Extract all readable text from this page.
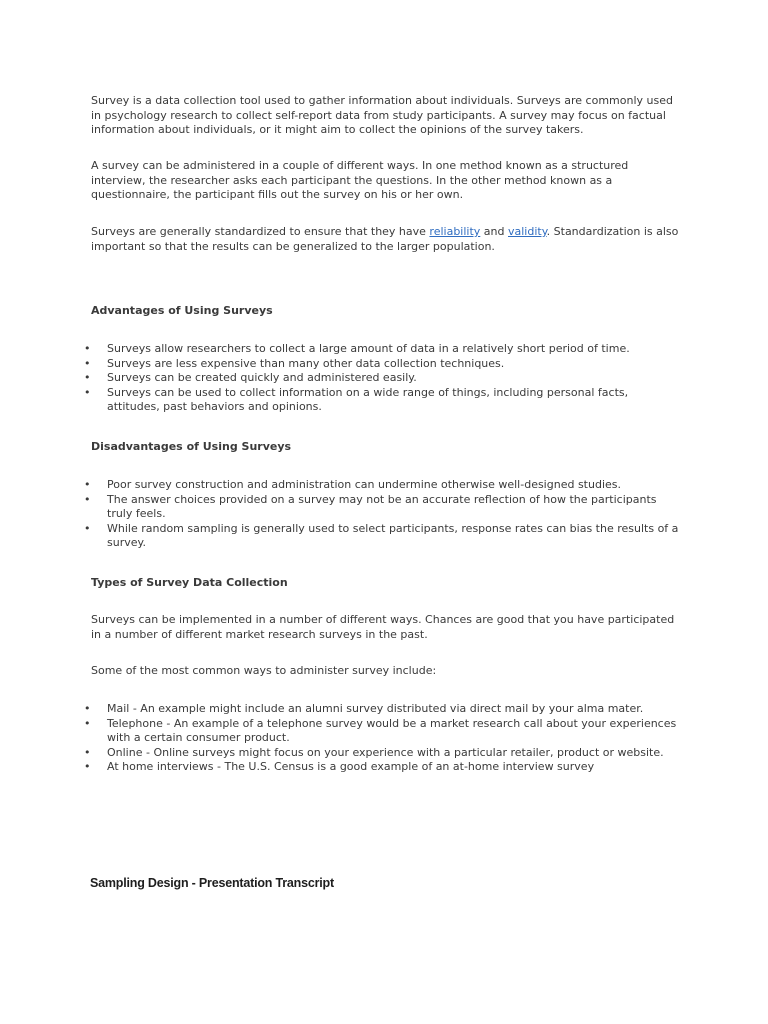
Survey is a data collection tool used to gather information about individuals. Surveys are commonly used in psychology research to collect self-report data from study participants. A survey may focus on factual information about individuals, or it might aim to collect the opinions of the survey takers.

A survey can be administered in a couple of different ways. In one method known as a structured interview, the researcher asks each participant the questions. In the other method known as a questionnaire, the participant fills out the survey on his or her own.

Surveys are generally standardized to ensure that they have reliability and validity. Standardization is also important so that the results can be generalized to the larger population.

Advantages of Using Surveys
• Surveys allow researchers to collect a large amount of data in a relatively short period of time.
• Surveys are less expensive than many other data collection techniques.
• Surveys can be created quickly and administered easily.
• Surveys can be used to collect information on a wide range of things, including personal facts, attitudes, past behaviors and opinions.
Disadvantages of Using Surveys
• Poor survey construction and administration can undermine otherwise well-designed studies.
• The answer choices provided on a survey may not be an accurate reflection of how the participants truly feels.
• While random sampling is generally used to select participants, response rates can bias the results of a survey.
Types of Survey Data Collection

Surveys can be implemented in a number of different ways. Chances are good that you have participated in a number of different market research surveys in the past.

Some of the most common ways to administer survey include:

• Mail - An example might include an alumni survey distributed via direct mail by your alma mater.
• Telephone - An example of a telephone survey would be a market research call about your experiences with a certain consumer product.
• Online - Online surveys might focus on your experience with a particular retailer, product or website.
• At home interviews - The U.S. Census is a good example of an at-home interview survey
Sampling Design - Presentation Transcript
